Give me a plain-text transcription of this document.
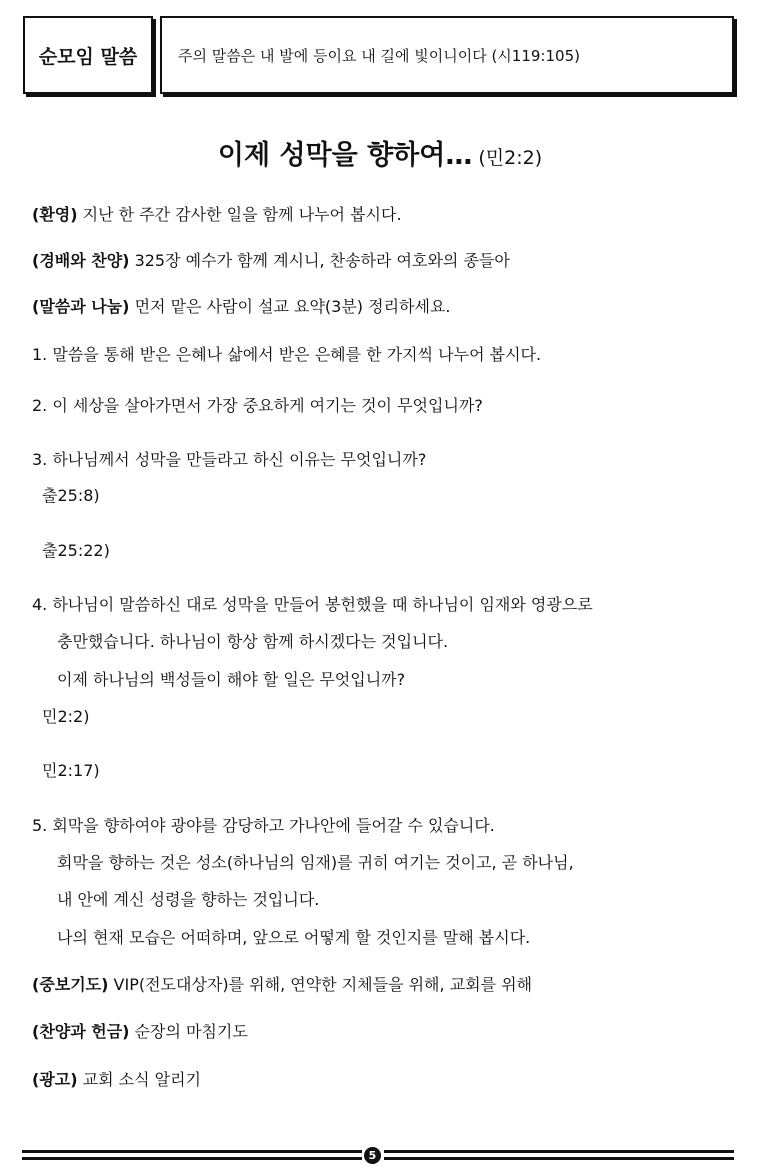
순모임 말씀	주의 말씀은 내 발에 등이요 내 길에 빛이니이다 (시119:105)
이제 성막을 향하여… (민2:2)
(환영) 지난 한 주간 감사한 일을 함께 나누어 봅시다.
(경배와 찬양) 325장 예수가 함께 계시니, 찬송하라 여호와의 종들아
(말씀과 나눔) 먼저 맡은 사람이 설교 요약(3분) 정리하세요.
1. 말씀을 통해 받은 은혜나 삶에서 받은 은혜를 한 가지씩 나누어 봅시다.
2. 이 세상을 살아가면서 가장 중요하게 여기는 것이 무엇입니까?
3. 하나님께서 성막을 만들라고 하신 이유는 무엇입니까?
출25:8)
출25:22)
4. 하나님이 말씀하신 대로 성막을 만들어 봉헌했을 때 하나님이 임재와 영광으로
충만했습니다. 하나님이 항상 함께 하시겠다는 것입니다.
이제 하나님의 백성들이 해야 할 일은 무엇입니까?
민2:2)
민2:17)
5. 회막을 향하여야 광야를 감당하고 가나안에 들어갈 수 있습니다.
회막을 향하는 것은 성소(하나님의 임재)를 귀히 여기는 것이고, 곧 하나님,
내 안에 계신 성령을 향하는 것입니다.
나의 현재 모습은 어떠하며, 앞으로 어떻게 할 것인지를 말해 봅시다.
(중보기도) VIP(전도대상자)를 위해, 연약한 지체들을 위해, 교회를 위해
(찬양과 헌금) 순장의 마침기도
(광고) 교회 소식 알리기
5
